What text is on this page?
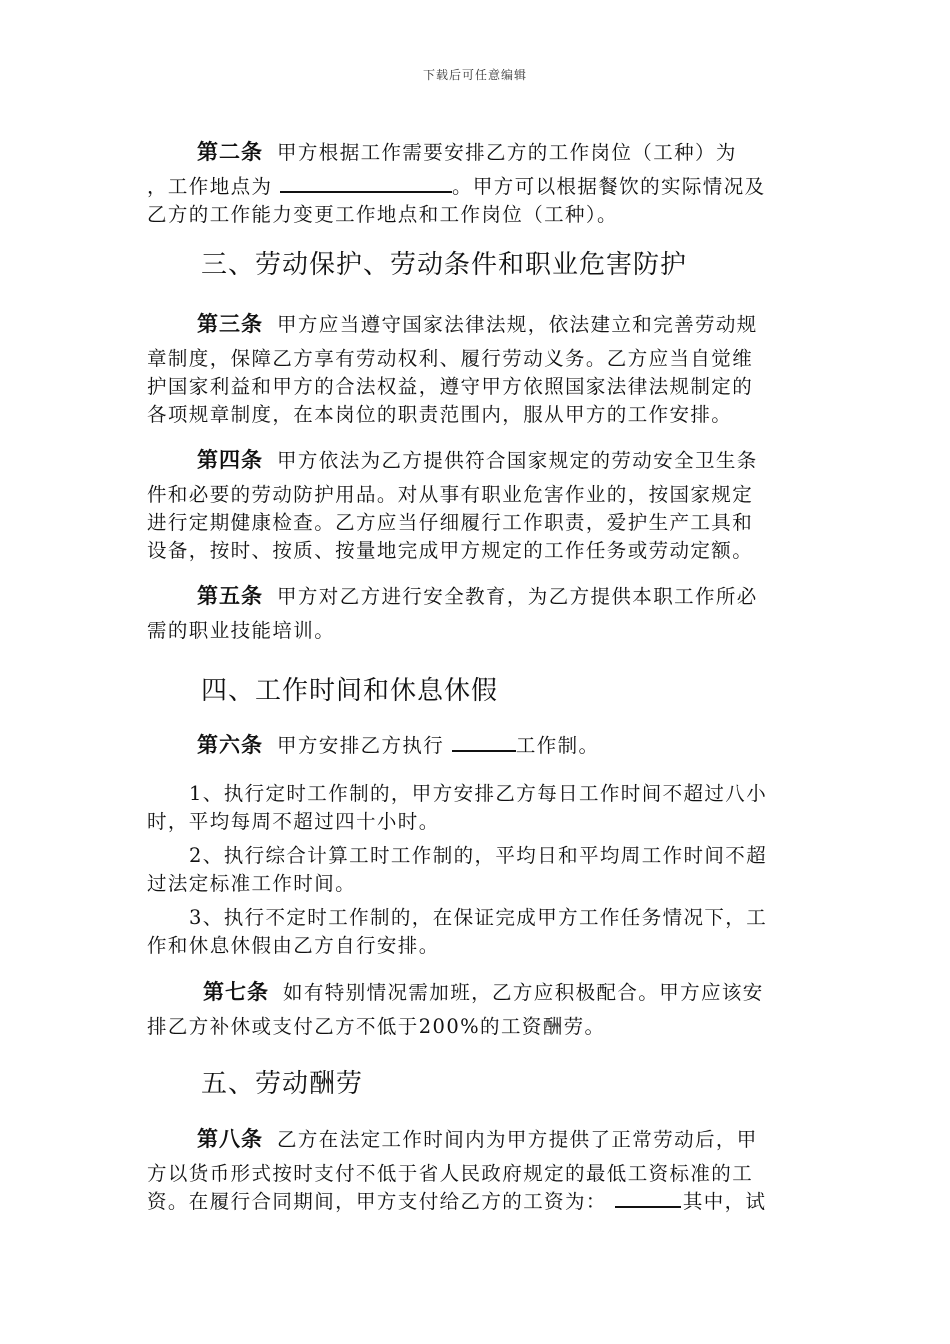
下载后可任意编辑
第二条 甲方根据工作需要安排乙方的工作岗位（工种）为
，工作地点为	。甲方可以根据餐饮的实际情况及
乙方的工作能力变更工作地点和工作岗位（工种）。
三、劳动保护、劳动条件和职业危害防护
第三条 甲方应当遵守国家法律法规，依法建立和完善劳动规
章制度，保障乙方享有劳动权利、履行劳动义务。乙方应当自觉维
护国家利益和甲方的合法权益，遵守甲方依照国家法律法规制定的
各项规章制度，在本岗位的职责范围内，服从甲方的工作安排。
第四条 甲方依法为乙方提供符合国家规定的劳动安全卫生条
件和必要的劳动防护用品。对从事有职业危害作业的，按国家规定
进行定期健康检查。乙方应当仔细履行工作职责，爱护生产工具和
设备，按时、按质、按量地完成甲方规定的工作任务或劳动定额。
第五条 甲方对乙方进行安全教育，为乙方提供本职工作所必
需的职业技能培训。
四、工作时间和休息休假
第六条 甲方安排乙方执行	工作制。
1、执行定时工作制的，甲方安排乙方每日工作时间不超过八小
时，平均每周不超过四十小时。
2、执行综合计算工时工作制的，平均日和平均周工作时间不超
过法定标准工作时间。
3、执行不定时工作制的，在保证完成甲方工作任务情况下，工
作和休息休假由乙方自行安排。
第七条 如有特别情况需加班，乙方应积极配合。甲方应该安
排乙方补休或支付乙方不低于200%的工资酬劳。
五、劳动酬劳
第八条 乙方在法定工作时间内为甲方提供了正常劳动后，甲
方以货币形式按时支付不低于省人民政府规定的最低工资标准的工
资。在履行合同期间，甲方支付给乙方的工资为：	其中，试
